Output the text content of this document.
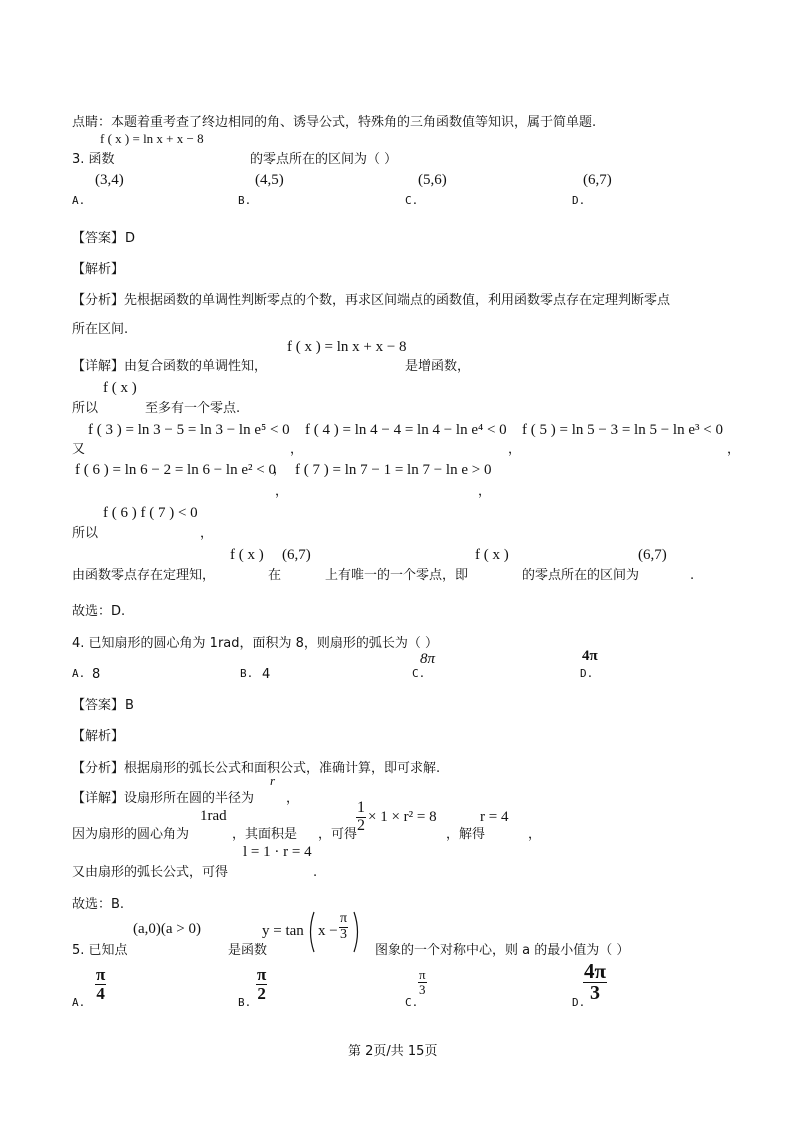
点睛：本题着重考查了终边相同的角、诱导公式，特殊角的三角函数值等知识，属于简单题.
f ( x ) = ln x + x − 8
3. 函数	的零点所在的区间为（ ）
(3,4)
A.
(4,5)
B.
(5,6)
C.
(6,7)
D.
【答案】 D
【解析】
【分析】先根据函数的单调性判断零点的个数，再求区间端点的函数值，利用函数零点存在定理判断零点
所在区间.
f ( x ) = ln x + x − 8
【详解】由复合函数的单调性知，	是增函数，
f ( x )
所以	至多有一个零点.
f ( 3 ) = ln 3 − 5 = ln 3 − ln e⁵ < 0 f ( 4 ) = ln 4 − 4 = ln 4 − ln e⁴ < 0 f ( 5 ) = ln 5 − 3 = ln 5 − ln e³ < 0
又	，	，	，
f ( 6 ) = ln 6 − 2 = ln 6 − ln e² < 0
， f ( 7 ) = ln 7 − 1 = ln 7 − ln e > 0
，	，
f ( 6 ) f ( 7 ) < 0
所以	，
f ( x ) (6,7)	f ( x )	(6,7)
由函数零点存在定理知，	在	上有唯一的一个零点，即	的零点所在的区间为	.
故选：D.
4. 已知扇形的圆心角为 1rad，面积为 8，则扇形的弧长为（ ）
8π	4π
A. 8	B. 4	C.	D.
【答案】 B
【解析】
【分析】根据扇形的弧长公式和面积公式，准确计算，即可求解.
r
【详解】设扇形所在圆的半径为 ，
1rad	$\frac{1}{2} \times 1 \times r^2 = 8$	r = 4
因为扇形的圆心角为	，其面积是 ，可得	，解得	，
l = 1 · r = 4
又由扇形的弧长公式，可得	.
故选：B.
(a,0)(a > 0)	$y = \tan x - \frac{\pi}{3}$
5. 已知点	是函数	图象的一个对称中心，则 a 的最小值为（ ）
$\frac{\pi}{4}$	$\frac{\pi}{2}$	$\frac{\pi}{3}$	$\frac{4\pi}{3}$
A.	B.	C.	D.
第 2页/共 15页
